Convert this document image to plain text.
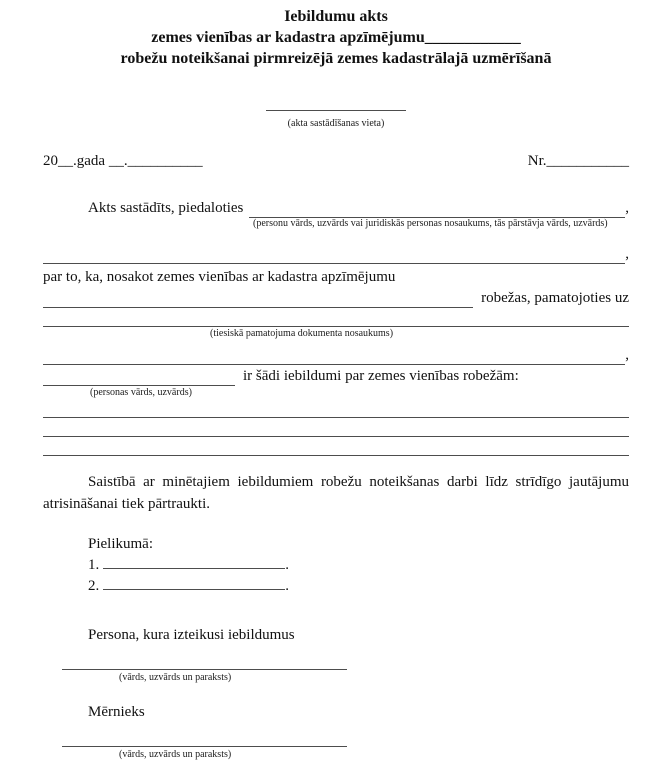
Iebildumu akts
zemes vienības ar kadastra apzīmējumu____________
robežu noteikšanai pirmreizējā zemes kadastrālajā uzmērīšanā
(akta sastādīšanas vieta)
20__.gada __.__________	Nr.___________
Akts sastādīts, piedaloties	,
(personu vārds, uzvārds vai juridiskās personas nosaukums, tās pārstāvja vārds, uzvārds)
,
par to, ka, nosakot zemes vienības ar kadastra apzīmējumu
robežas, pamatojoties uz
(tiesiskā pamatojuma dokumenta nosaukums)
,
ir šādi iebildumi par zemes vienības robežām:
(personas vārds, uzvārds)
Saistībā ar minētajiem iebildumiem robežu noteikšanas darbi līdz strīdīgo jautājumu atrisināšanai tiek pārtraukti.
Pielikumā:
1.	.
2.	.
Persona, kura izteikusi iebildumus
(vārds, uzvārds un paraksts)
Mērnieks
(vārds, uzvārds un paraksts)
